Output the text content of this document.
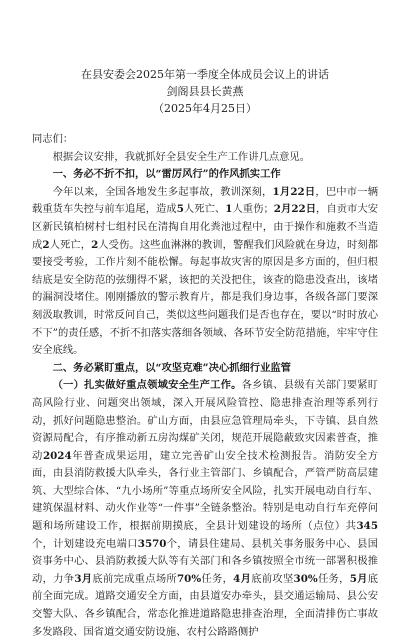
在县安委会2025年第一季度全体成员会议上的讲话
剑阁县县长黄燕
（2025年4月25日）
同志们：

根据会议安排，我就抓好全县安全生产工作讲几点意见。

一、务必不折不扣，以“雷厉风行”的作风抓实工作

今年以来，全国各地发生多起事故，教训深刻，1月22日，巴中市一辆载重货车失控与前车追尾，造成5人死亡、1人重伤；2月22日，自贡市大安区新民镇柏树村七组村民在清掏自用化粪池过程中，由于操作和施救不当造成2人死亡，2人受伤。这些血淋淋的教训，警醒我们风险就在身边，时刻都要接受考验，工作片刻不能松懈。每起事故灾害的原因是多方面的，但归根结底是安全防范的弦绷得不紧，该把的关没把住，该查的隐患没查出，该堵的漏洞没堵住。刚刚播放的警示教育片，都是我们身边事，各级各部门要深刻汲取教训，时常反问自己，类似这些问题我们是否也存在，要以“时时放心不下”的责任感，不折不扣落实落细各领域、各环节安全防范措施，牢牢守住安全底线。

二、务必紧盯重点，以“攻坚克难”决心抓细行业监管

（一）扎实做好重点领域安全生产工作。各乡镇、县级有关部门要紧盯高风险行业、问题突出领域，深入开展风险管控、隐患排查治理等系列行动，抓好问题隐患整治。矿山方面，由县应急管理局牵头，下寺镇、县自然资源局配合，有序推动新五房沟煤矿关闭，规范开展隐蔽致灾因素普查，推动2024年普查成果运用，建立完善矿山安全技术检测报告。消防安全方面，由县消防救援大队牵头，各行业主管部门、乡镇配合，严管严防高层建筑、大型综合体、“九小场所”等重点场所安全风险，扎实开展电动自行车、建筑保温材料、动火作业等“一件事”全链条整治。特别是电动自行车充停问题和场所建设工作，根据前期摸底，全县计划建设的场所（点位）共345个，计划建设充电端口3570个，请县住建局、县机关事务服务中心、县国资事务中心、县消防救援大队等有关部门和各乡镇按照全市统一部署积极推动，力争3月底前完成重点场所70%任务，4月底前攻坚30%任务，5月底前全面完成。道路交通安全方面，由县道安办牵头，县交通运输局、县公安交警大队、各乡镇配合，常态化推进道路隐患排查治理，全面清排伤亡事故多发路段、国省道交通安防设施、农村公路路侧护
